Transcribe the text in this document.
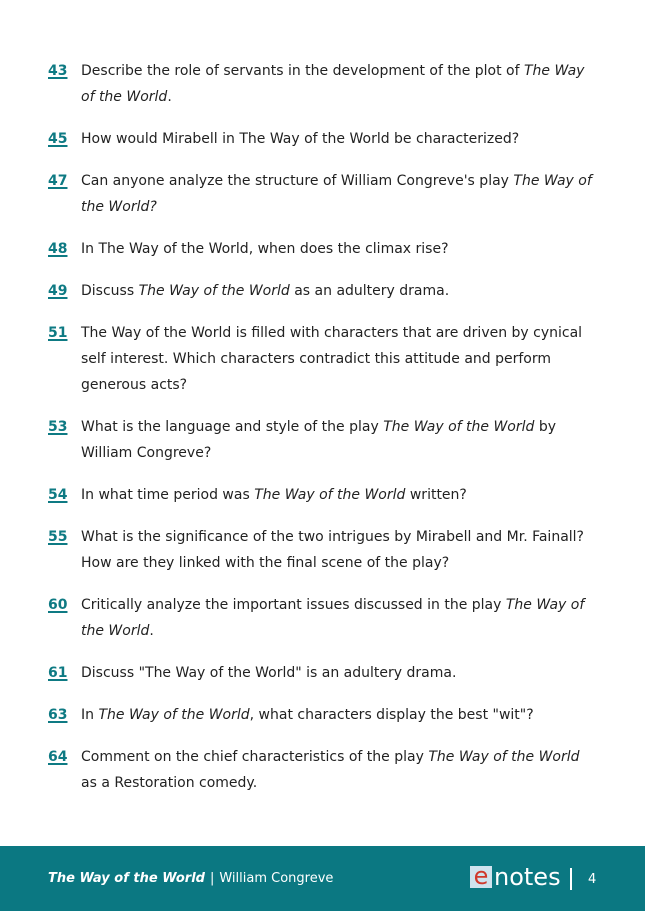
43 Describe the role of servants in the development of the plot of The Way of the World.
45 How would Mirabell in The Way of the World be characterized?
47 Can anyone analyze the structure of William Congreve's play The Way of the World?
48 In The Way of the World, when does the climax rise?
49 Discuss The Way of the World as an adultery drama.
51 The Way of the World is filled with characters that are driven by cynical self interest. Which characters contradict this attitude and perform generous acts?
53 What is the language and style of the play The Way of the World by William Congreve?
54 In what time period was The Way of the World written?
55 What is the significance of the two intrigues by Mirabell and Mr. Fainall? How are they linked with the final scene of the play?
60 Critically analyze the important issues discussed in the play The Way of the World.
61 Discuss "The Way of the World" is an adultery drama.
63 In The Way of the World, what characters display the best "wit"?
64 Comment on the chief characteristics of the play The Way of the World as a Restoration comedy.
The Way of the World | William Congreve	e notes 4
